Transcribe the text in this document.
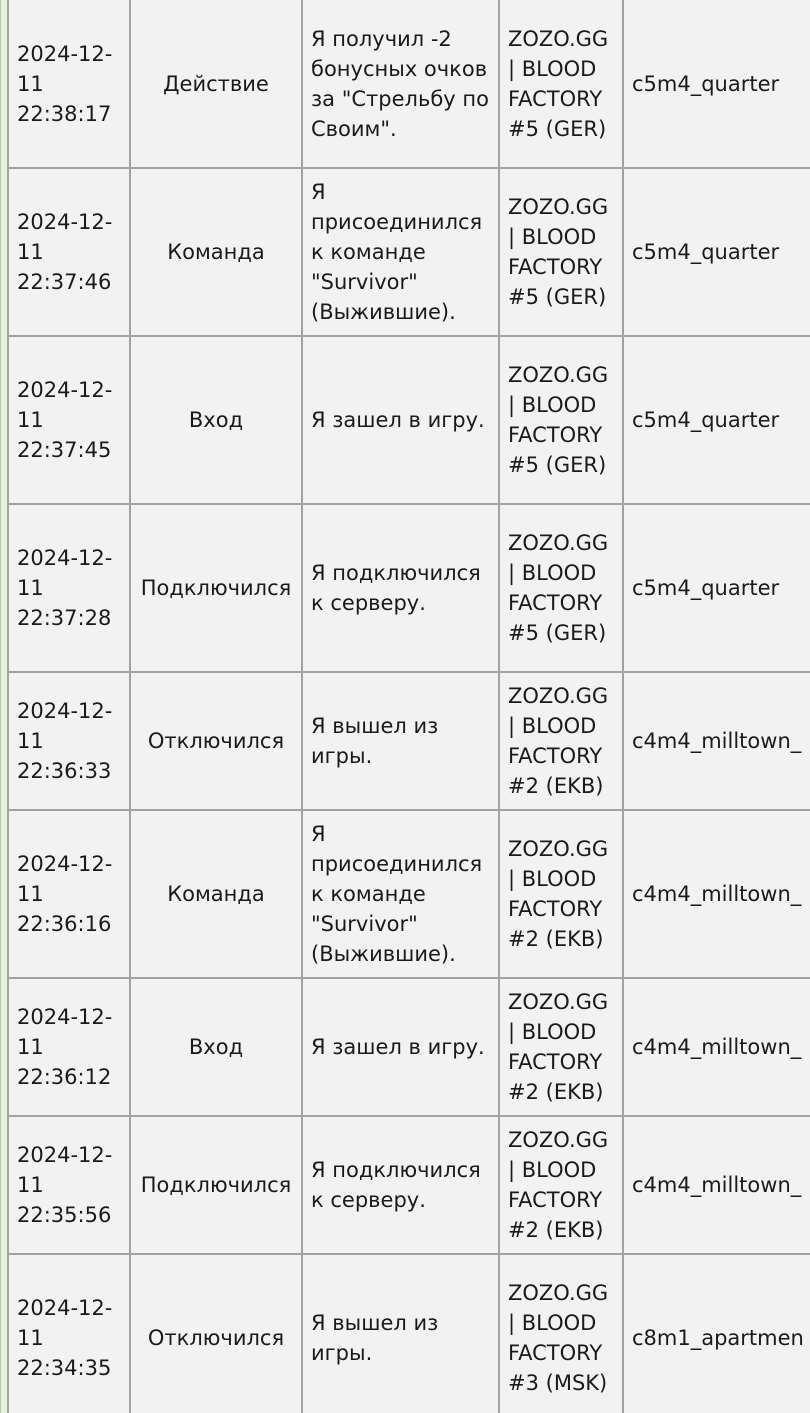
2024-12-
11
22:38:17	Действие	Я получил -2 бонусных очков за "Стрельбу по Своим".	ZOZO.GG | BLOOD FACTORY #5 (GER)	c5m4_quarter
2024-12-
11
22:37:46	Команда	Я присоединился к команде "Survivor" (Выжившие).	ZOZO.GG | BLOOD FACTORY #5 (GER)	c5m4_quarter
2024-12-
11
22:37:45	Вход	Я зашел в игру.	ZOZO.GG | BLOOD FACTORY #5 (GER)	c5m4_quarter
2024-12-
11
22:37:28	Подключился	Я подключился к серверу.	ZOZO.GG | BLOOD FACTORY #5 (GER)	c5m4_quarter
2024-12-
11
22:36:33	Отключился	Я вышел из игры.	ZOZO.GG | BLOOD FACTORY #2 (EKB)	c4m4_milltown_
2024-12-
11
22:36:16	Команда	Я присоединился к команде "Survivor" (Выжившие).	ZOZO.GG | BLOOD FACTORY #2 (EKB)	c4m4_milltown_
2024-12-
11
22:36:12	Вход	Я зашел в игру.	ZOZO.GG | BLOOD FACTORY #2 (EKB)	c4m4_milltown_
2024-12-
11
22:35:56	Подключился	Я подключился к серверу.	ZOZO.GG | BLOOD FACTORY #2 (EKB)	c4m4_milltown_
2024-12-
11
22:34:35	Отключился	Я вышел из игры.	ZOZO.GG | BLOOD FACTORY #3 (MSK)	c8m1_apartmen
